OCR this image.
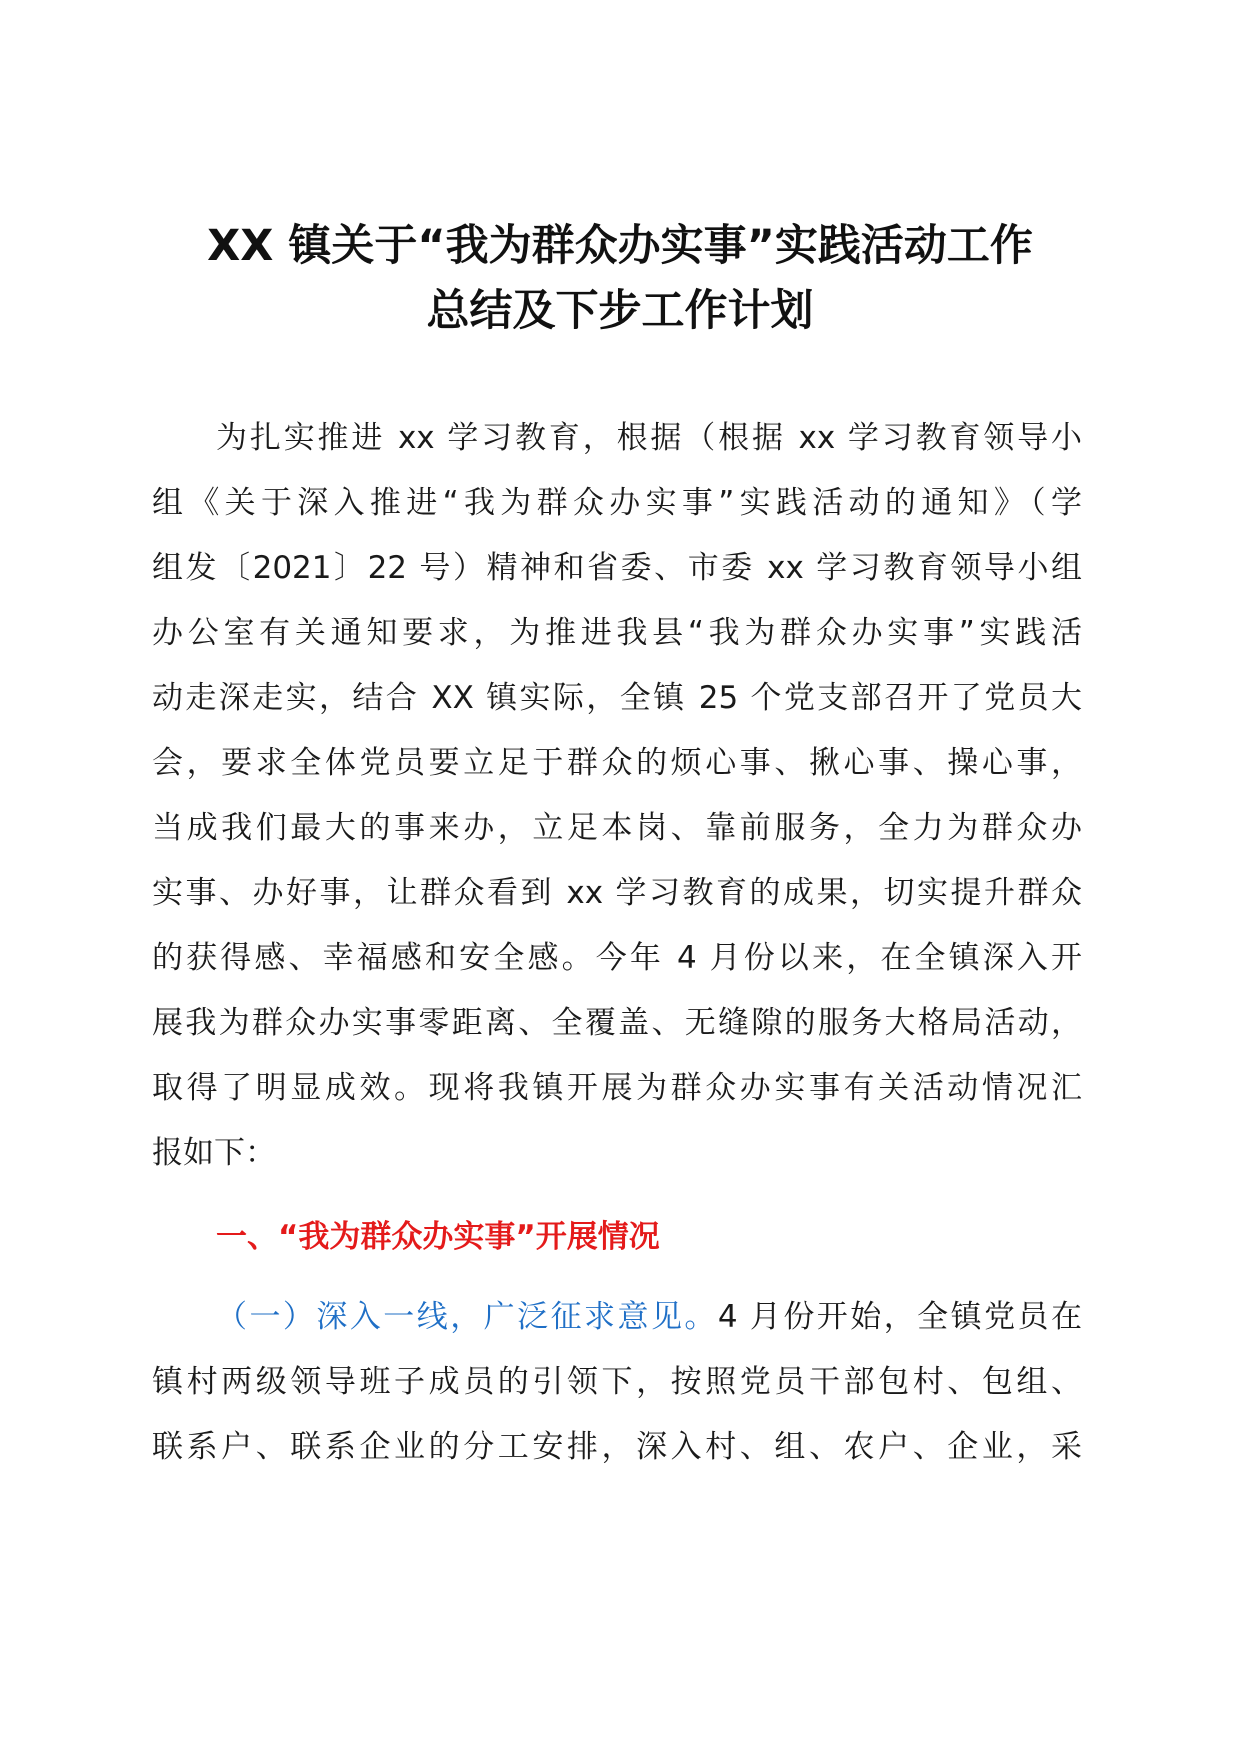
XX 镇关于“我为群众办实事”实践活动工作
总结及下步工作计划
为扎实推进 xx 学习教育，根据（根据 xx 学习教育领导小
组《关于深入推进“我为群众办实事”实践活动的通知》（学
组发〔2021〕22 号）精神和省委、市委 xx 学习教育领导小组
办公室有关通知要求，为推进我县“我为群众办实事”实践活
动走深走实，结合 XX 镇实际，全镇 25 个党支部召开了党员大
会，要求全体党员要立足于群众的烦心事、揪心事、操心事，
当成我们最大的事来办，立足本岗、靠前服务，全力为群众办
实事、办好事，让群众看到 xx 学习教育的成果，切实提升群众
的获得感、幸福感和安全感。今年 4 月份以来，在全镇深入开
展我为群众办实事零距离、全覆盖、无缝隙的服务大格局活动，
取得了明显成效。现将我镇开展为群众办实事有关活动情况汇
报如下：
一、“我为群众办实事”开展情况
（一）深入一线，广泛征求意见。4 月份开始，全镇党员在
镇村两级领导班子成员的引领下，按照党员干部包村、包组、
联系户、联系企业的分工安排，深入村、组、农户、企业，采
